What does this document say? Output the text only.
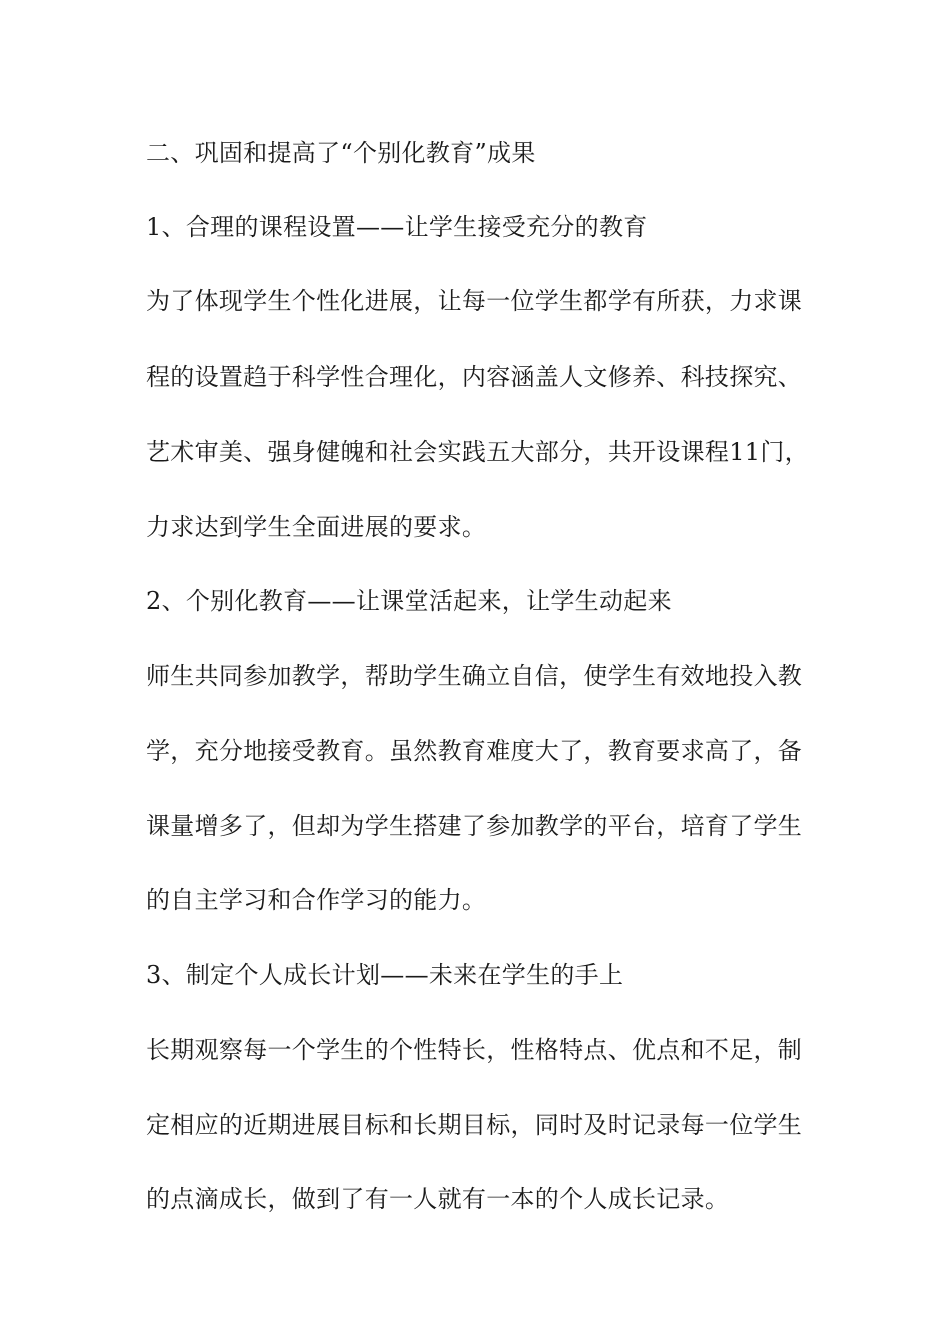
二、巩固和提高了“个别化教育”成果
1、合理的课程设置——让学生接受充分的教育
为了体现学生个性化进展，让每一位学生都学有所获，力求课
程的设置趋于科学性合理化，内容涵盖人文修养、科技探究、
艺术审美、强身健魄和社会实践五大部分，共开设课程11门，
力求达到学生全面进展的要求。
2、个别化教育——让课堂活起来，让学生动起来
师生共同参加教学，帮助学生确立自信，使学生有效地投入教
学，充分地接受教育。虽然教育难度大了，教育要求高了，备
课量增多了，但却为学生搭建了参加教学的平台，培育了学生
的自主学习和合作学习的能力。
3、制定个人成长计划——未来在学生的手上
长期观察每一个学生的个性特长，性格特点、优点和不足，制
定相应的近期进展目标和长期目标，同时及时记录每一位学生
的点滴成长，做到了有一人就有一本的个人成长记录。
